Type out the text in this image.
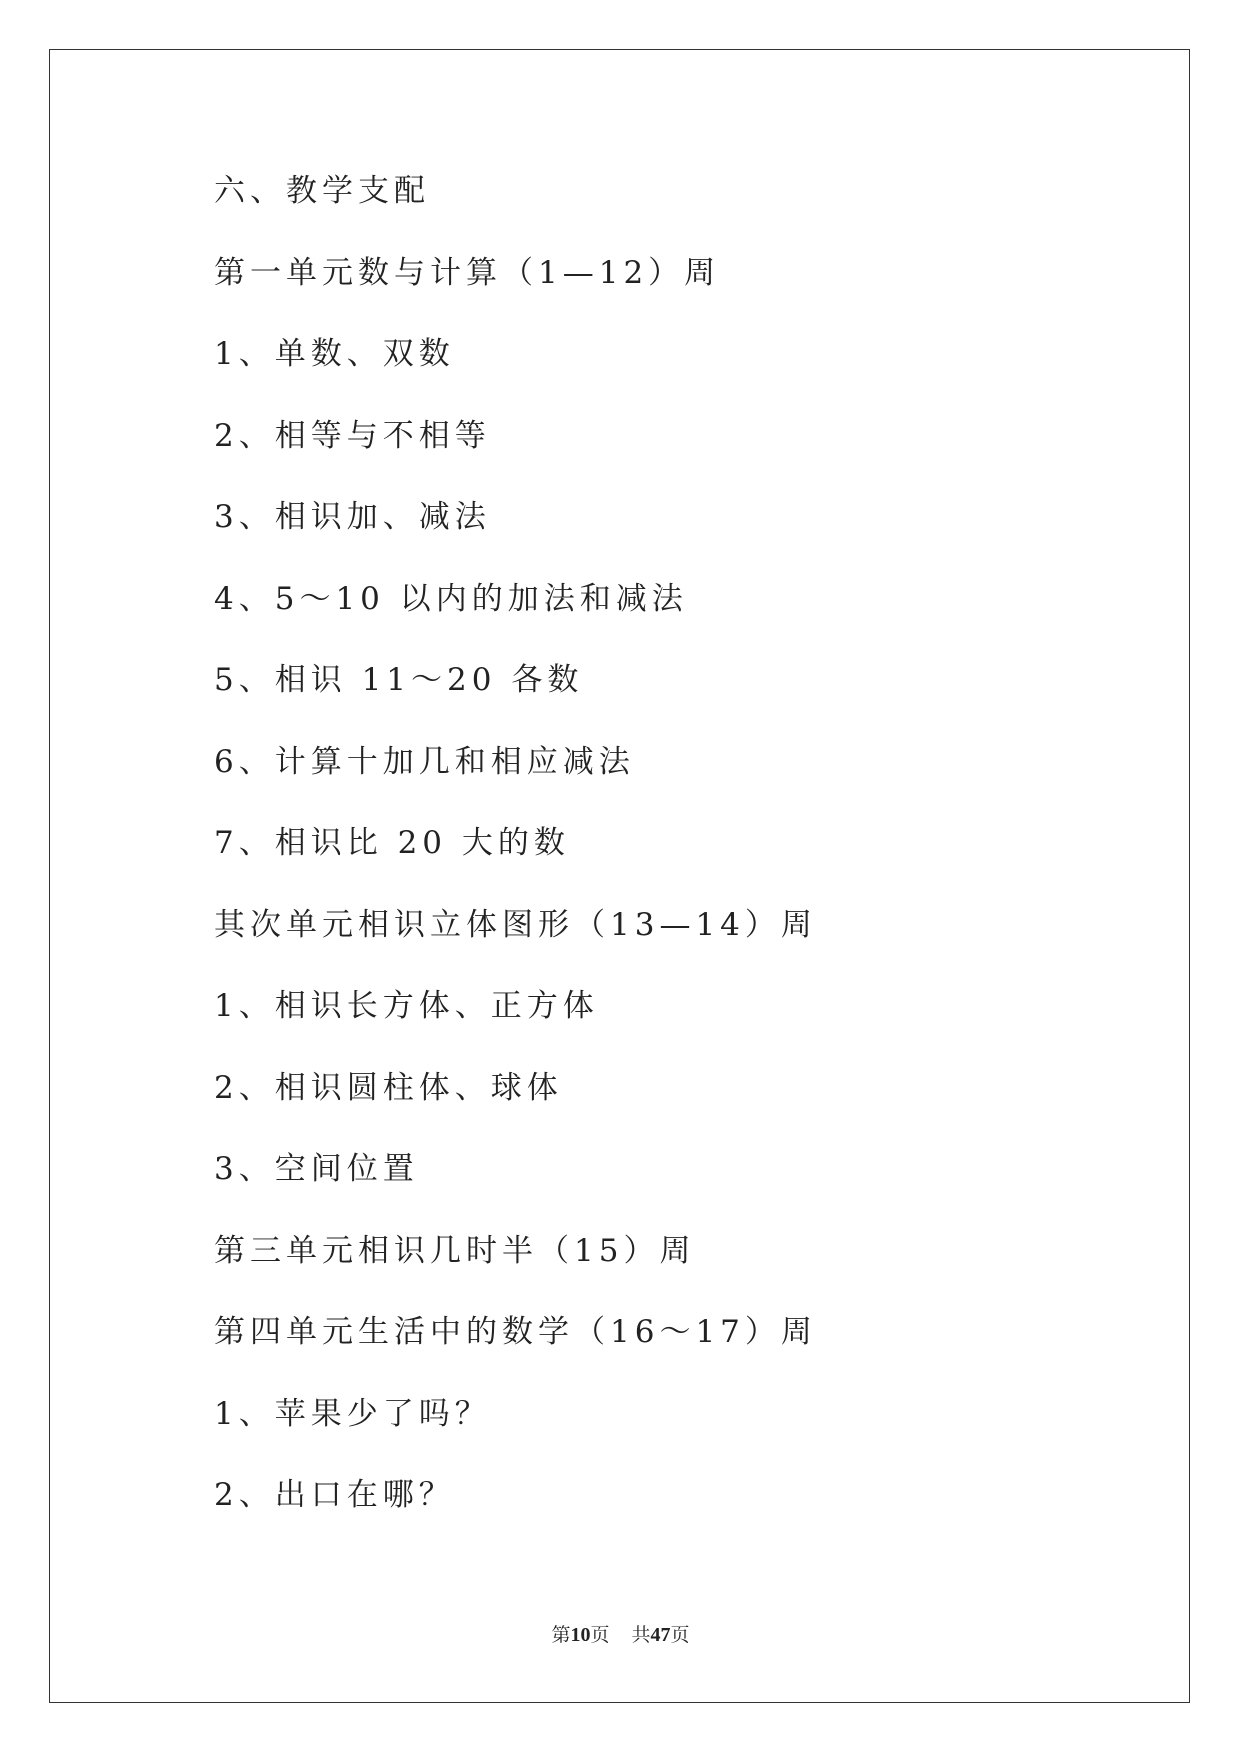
六、教学支配
第一单元数与计算（1—12）周
1、单数、双数
2、相等与不相等
3、相识加、减法
4、5～10 以内的加法和减法
5、相识 11～20 各数
6、计算十加几和相应减法
7、相识比 20 大的数
其次单元相识立体图形（13—14）周
1、相识长方体、正方体
2、相识圆柱体、球体
3、空间位置
第三单元相识几时半（15）周
第四单元生活中的数学（16～17）周
1、苹果少了吗？
2、出口在哪？
第10页 共47页
